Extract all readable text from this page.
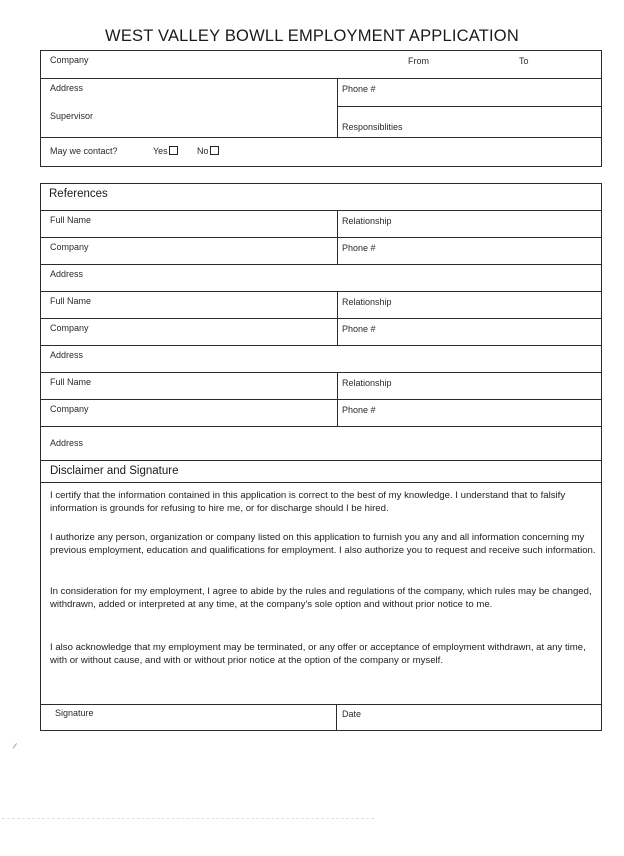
WEST VALLEY BOWLL EMPLOYMENT APPLICATION
Company	From	To
Address	Phone #
Supervisor
Responsiblities
May we contact?	Yes	No
References
Full Name	Relationship
Company	Phone #
Address
Full Name	Relationship
Company	Phone #
Address
Full Name	Relationship
Company	Phone #
Address
Disclaimer and Signature
I certify that the information contained in this application is correct to the best of my knowledge. I understand that to falsify information is grounds for refusing to hire me, or for discharge should I be hired.
I authorize any person, organization or company listed on this application to furnish you any and all information concerning my previous employment, education and qualifications for employment. I also authorize you to request and receive such information.
In consideration for my employment, I agree to abide by the rules and regulations of the company, which rules may be changed, withdrawn, added or interpreted at any time, at the company's sole option and without prior notice to me.
I also acknowledge that my employment may be terminated, or any offer or acceptance of employment withdrawn, at any time, with or without cause, and with or without prior notice at the option of the company or myself.
Signature	Date
